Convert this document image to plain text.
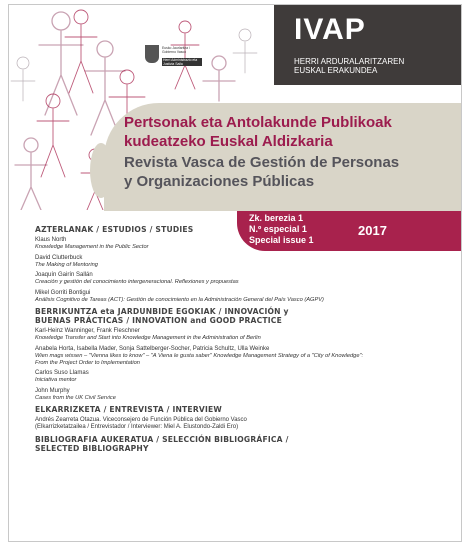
Eusko Jaurlaritza / Gobierno Vasco
Herri Administrazio eta Justizia Saila
IVAP
HERRI ARDURALARITZAREN
EUSKAL ERAKUNDEA
Pertsonak eta Antolakunde Publikoak
kudeatzeko Euskal Aldizkaria
Revista Vasca de Gestión de Personas
y Organizaciones Públicas
Zk. berezia 1
N.º especial 1
Special issue 1
2017

AZTERLANAK / ESTUDIOS / STUDIES

Klaus North

Knowledge Management in the Public Sector

David Clutterbuck

The Making of Mentoring

Joaquín Gairín Sallán

Creación y gestión del conocimiento intergeneracional. Reflexiones y propuestas

Mikel Gorriti Bontigui

Análisis Cognitivo de Tareas (ACT): Gestión de conocimiento en la Administración General del País Vasco (AGPV)

BERRIKUNTZA eta JARDUNBIDE EGOKIAK / INNOVACIÓN y

BUENAS PRÁCTICAS / INNOVATION and GOOD PRACTICE

Karl-Heinz Wanninger, Frank Fleschner

Knowledge Transfer and Start into Knowledge Management in the Administration of Berlin

Anabela Horta, Isabella Mader, Sonja Sattelberger-Socher, Patricia Schultz, Ulla Weinke

Wien mags wissen – "Vienna likes to know" – "A Viena le gusta saber" Knowledge Management Strategy of a "City of Knowledge": From the Project Order to Implementation

Carlos Suso Llamas

Iniciativa mentor

John Murphy

Cases from the UK Civil Service

ELKARRIZKETA / ENTREVISTA / INTERVIEW

Andrés Zearreta Otazua. Viceconsejero de Función Pública del Gobierno Vasco

(Elkarrizketatzailea / Entrevistador / Interviewer: Miel A. Elustondo-Zaldi Ero)

BIBLIOGRAFIA AUKERATUA / SELECCIÓN BIBLIOGRÁFICA /

SELECTED BIBLIOGRAPHY
